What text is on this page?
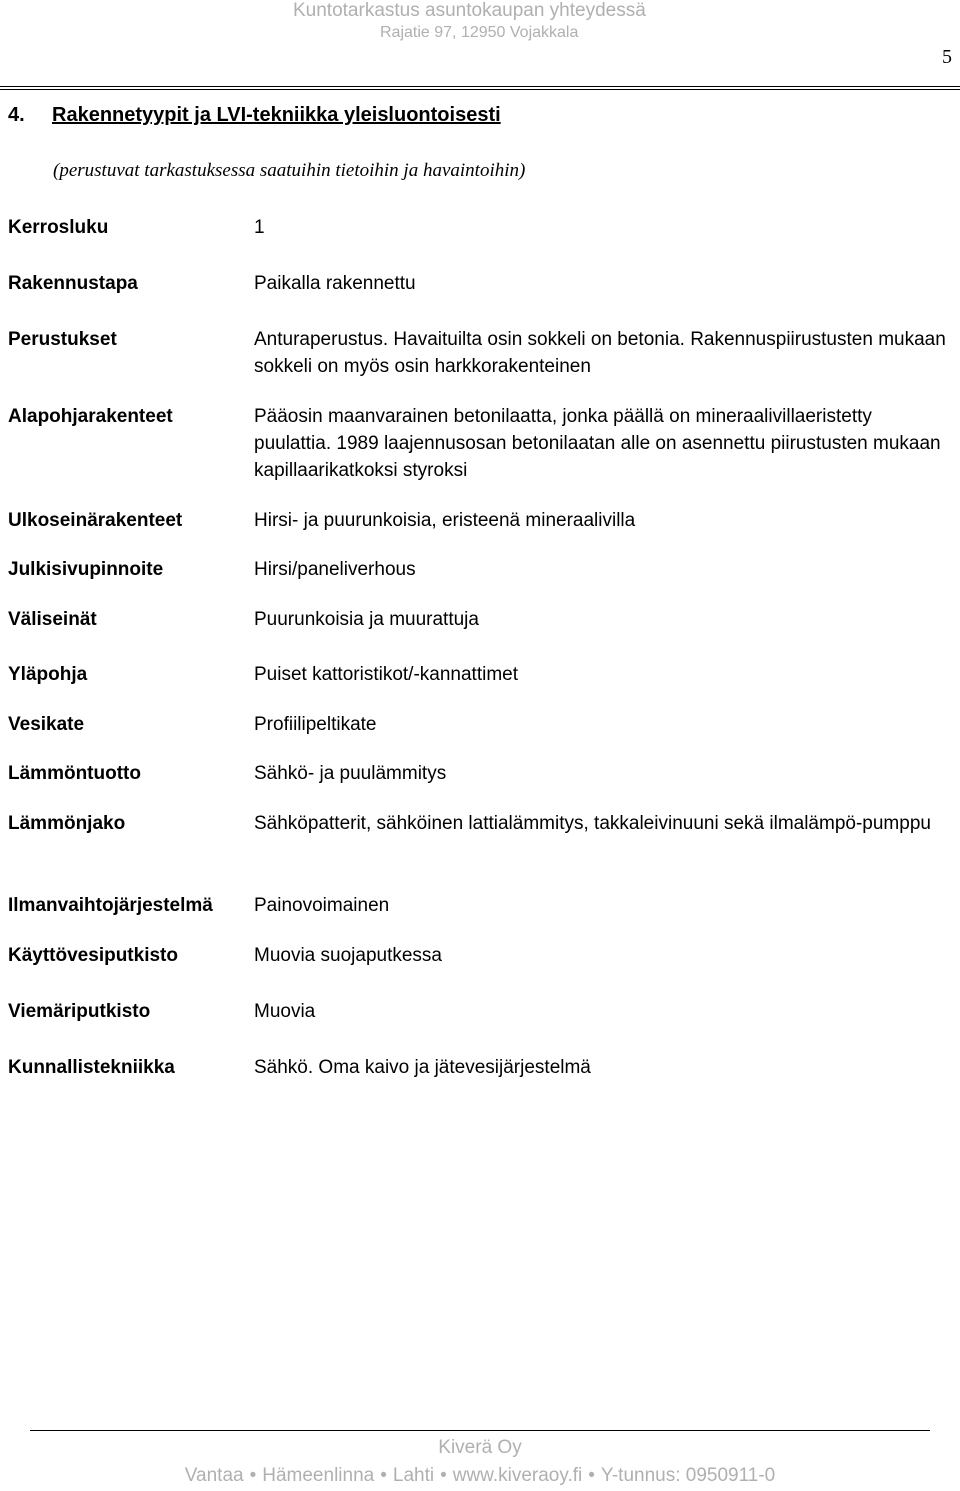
Kuntotarkastus asuntokaupan yhteydessä
Rajatie 97, 12950 Vojakkala
5
4. Rakennetyypit ja LVI-tekniikka yleisluontoisesti
(perustuvat tarkastuksessa saatuihin tietoihin ja havaintoihin)
Kerrosluku	1
Rakennustapa	Paikalla rakennettu
Perustukset	Anturaperustus. Havaituilta osin sokkeli on betonia. Rakennuspiirustusten mukaan sokkeli on myös osin harkkorakenteinen
Alapohjarakenteet	Pääosin maanvarainen betonilaatta, jonka päällä on mineraalivillaeristetty puulattia. 1989 laajennusosan betonilaatan alle on asennettu piirustusten mukaan kapillaarikatkoksi styroksi
Ulkoseinärakenteet	Hirsi- ja puurunkoisia, eristeenä mineraalivilla
Julkisivupinnoite	Hirsi/paneliverhous
Väliseinät	Puurunkoisia ja muurattuja
Yläpohja	Puiset kattoristikot/-kannattimet
Vesikate	Profiilipeltikate
Lämmöntuotto	Sähkö- ja puulämmitys
Lämmönjako	Sähköpatterit, sähköinen lattialämmitys, takkaleivinuuni sekä ilmalämpö-pumppu
Ilmanvaihtojärjestelmä Painovoimainen
Käyttövesiputkisto	Muovia suojaputkessa
Viemäriputkisto	Muovia
Kunnallistekniikka	Sähkö. Oma kaivo ja jätevesijärjestelmä
Kiverä Oy
Vantaa • Hämeenlinna • Lahti • www.kiveraoy.fi • Y-tunnus: 0950911-0
